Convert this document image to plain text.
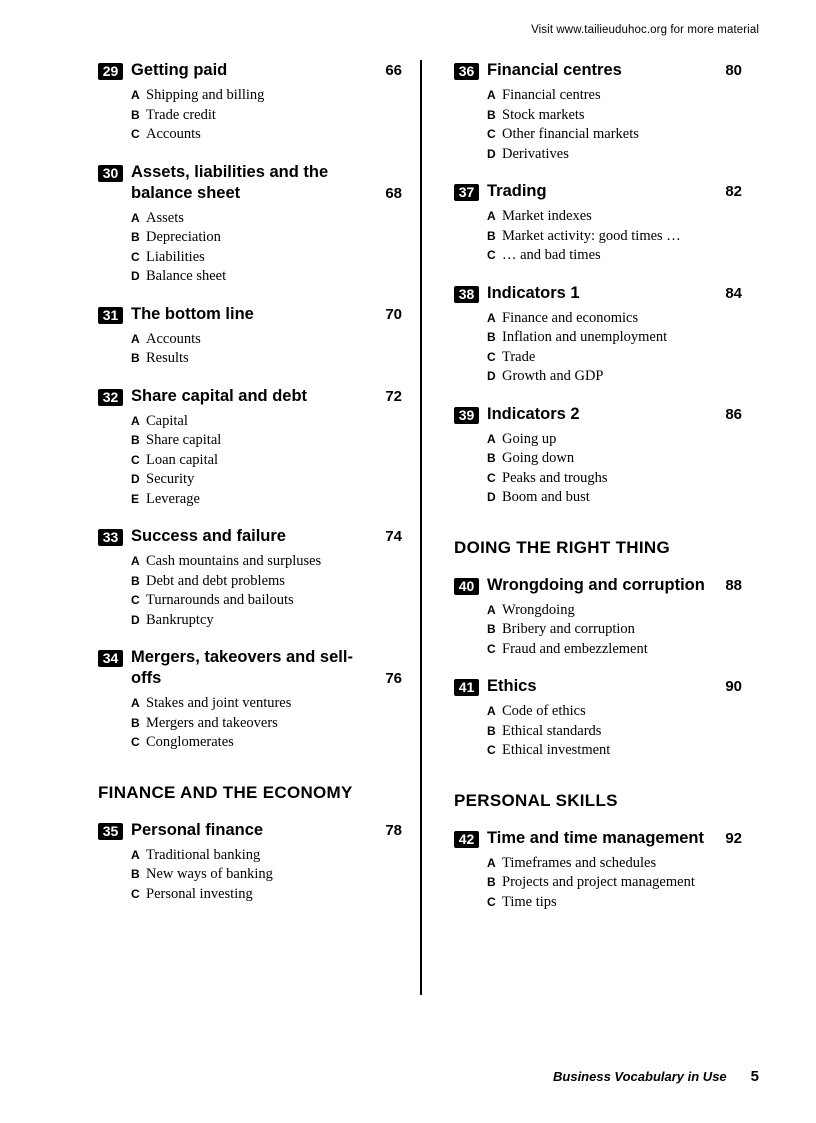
Visit www.tailieuduhoc.org for more material
29 Getting paid	66
A Shipping and billing
B Trade credit
C Accounts
30 Assets, liabilities and the balance sheet	68
A Assets
B Depreciation
C Liabilities
D Balance sheet
31 The bottom line	70
A Accounts
B Results
32 Share capital and debt	72
A Capital
B Share capital
C Loan capital
D Security
E Leverage
33 Success and failure	74
A Cash mountains and surpluses
B Debt and debt problems
C Turnarounds and bailouts
D Bankruptcy
34 Mergers, takeovers and sell-offs	76
A Stakes and joint ventures
B Mergers and takeovers
C Conglomerates
FINANCE AND THE ECONOMY
35 Personal finance	78
A Traditional banking
B New ways of banking
C Personal investing
36 Financial centres	80
A Financial centres
B Stock markets
C Other financial markets
D Derivatives
37 Trading	82
A Market indexes
B Market activity: good times …
C … and bad times
38 Indicators 1	84
A Finance and economics
B Inflation and unemployment
C Trade
D Growth and GDP
39 Indicators 2	86
A Going up
B Going down
C Peaks and troughs
D Boom and bust
DOING THE RIGHT THING
40 Wrongdoing and corruption	88
A Wrongdoing
B Bribery and corruption
C Fraud and embezzlement
41 Ethics	90
A Code of ethics
B Ethical standards
C Ethical investment
PERSONAL SKILLS
42 Time and time management	92
A Timeframes and schedules
B Projects and project management
C Time tips
Business Vocabulary in Use 5
